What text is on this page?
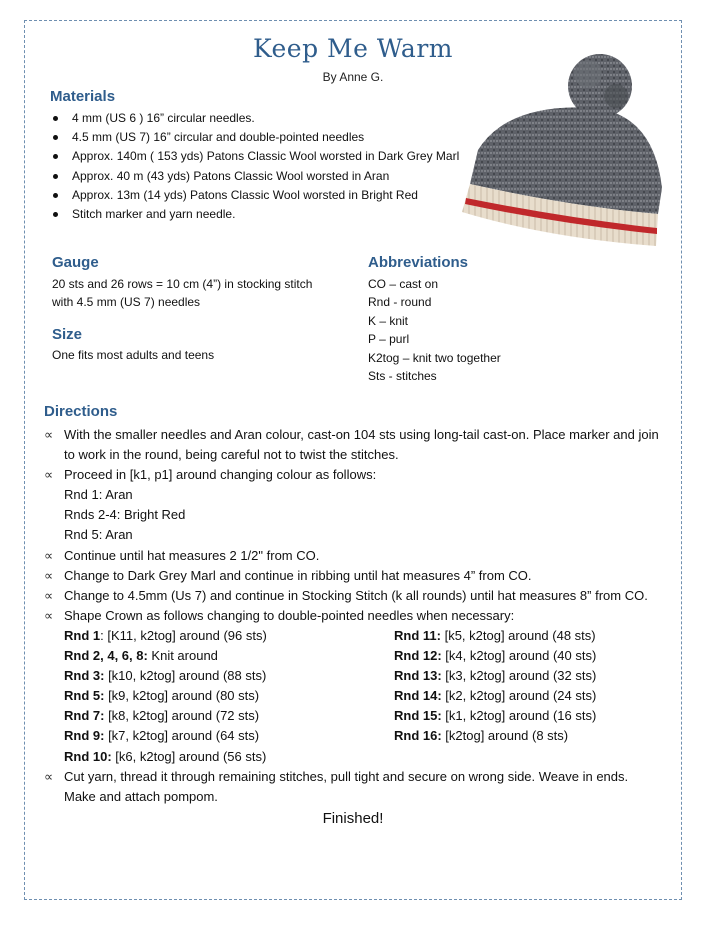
Keep Me Warm
By Anne G.
Materials
4 mm (US 6 ) 16” circular needles.
4.5 mm (US 7) 16” circular and double-pointed needles
Approx. 140m ( 153 yds) Patons Classic Wool worsted in Dark Grey Marl
Approx. 40 m (43 yds) Patons Classic Wool worsted in Aran
Approx. 13m (14 yds) Patons Classic Wool worsted in Bright Red
Stitch marker and yarn needle.
Gauge
20 sts and 26 rows = 10 cm (4”) in stocking stitch
with 4.5 mm (US 7) needles
Size
One fits most adults and teens
Abbreviations
CO – cast on
Rnd - round
K – knit
P – purl
K2tog – knit two together
Sts - stitches
Directions
∝ With the smaller needles and Aran colour, cast-on 104 sts using long-tail cast-on. Place marker and join
to work in the round, being careful not to twist the stitches.
∝ Proceed in [k1, p1] around changing colour as follows:
Rnd 1: Aran
Rnds 2-4: Bright Red
Rnd 5: Aran
∝ Continue until hat measures 2 1/2" from CO.
∝ Change to Dark Grey Marl and continue in ribbing until hat measures 4” from CO.
∝ Change to 4.5mm (Us 7) and continue in Stocking Stitch (k all rounds) until hat measures 8” from CO.
∝ Shape Crown as follows changing to double-pointed needles when necessary:
Rnd 1: [K11, k2tog] around (96 sts)
Rnd 2, 4, 6, 8: Knit around
Rnd 3: [k10, k2tog] around (88 sts)
Rnd 5: [k9, k2tog] around (80 sts)
Rnd 7: [k8, k2tog] around (72 sts)
Rnd 9: [k7, k2tog] around (64 sts)
Rnd 10: [k6, k2tog] around (56 sts)
Rnd 11: [k5, k2tog] around (48 sts)
Rnd 12: [k4, k2tog] around (40 sts)
Rnd 13: [k3, k2tog] around (32 sts)
Rnd 14: [k2, k2tog] around (24 sts)
Rnd 15: [k1, k2tog] around (16 sts)
Rnd 16: [k2tog] around (8 sts)
∝ Cut yarn, thread it through remaining stitches, pull tight and secure on wrong side. Weave in ends.
Make and attach pompom.
Finished!
